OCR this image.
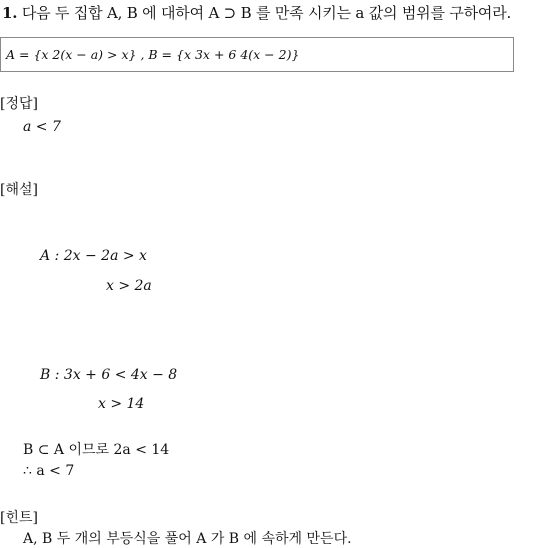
1. 다음 두 집합 A, B 에 대하여 A ⊃ B 를 만족 시키는 a 값의 범위를 구하여라.
A = {x 2(x − a) > x} , B = {x 3x + 6 4(x − 2)}
[정답]
a < 7
[해설]
A : 2x − 2a > x
x > 2a
B : 3x + 6 < 4x − 8
x > 14
B ⊂ A 이므로 2a < 14
∴ a < 7
[힌트]
A, B 두 개의 부등식을 풀어 A 가 B 에 속하게 만든다.
